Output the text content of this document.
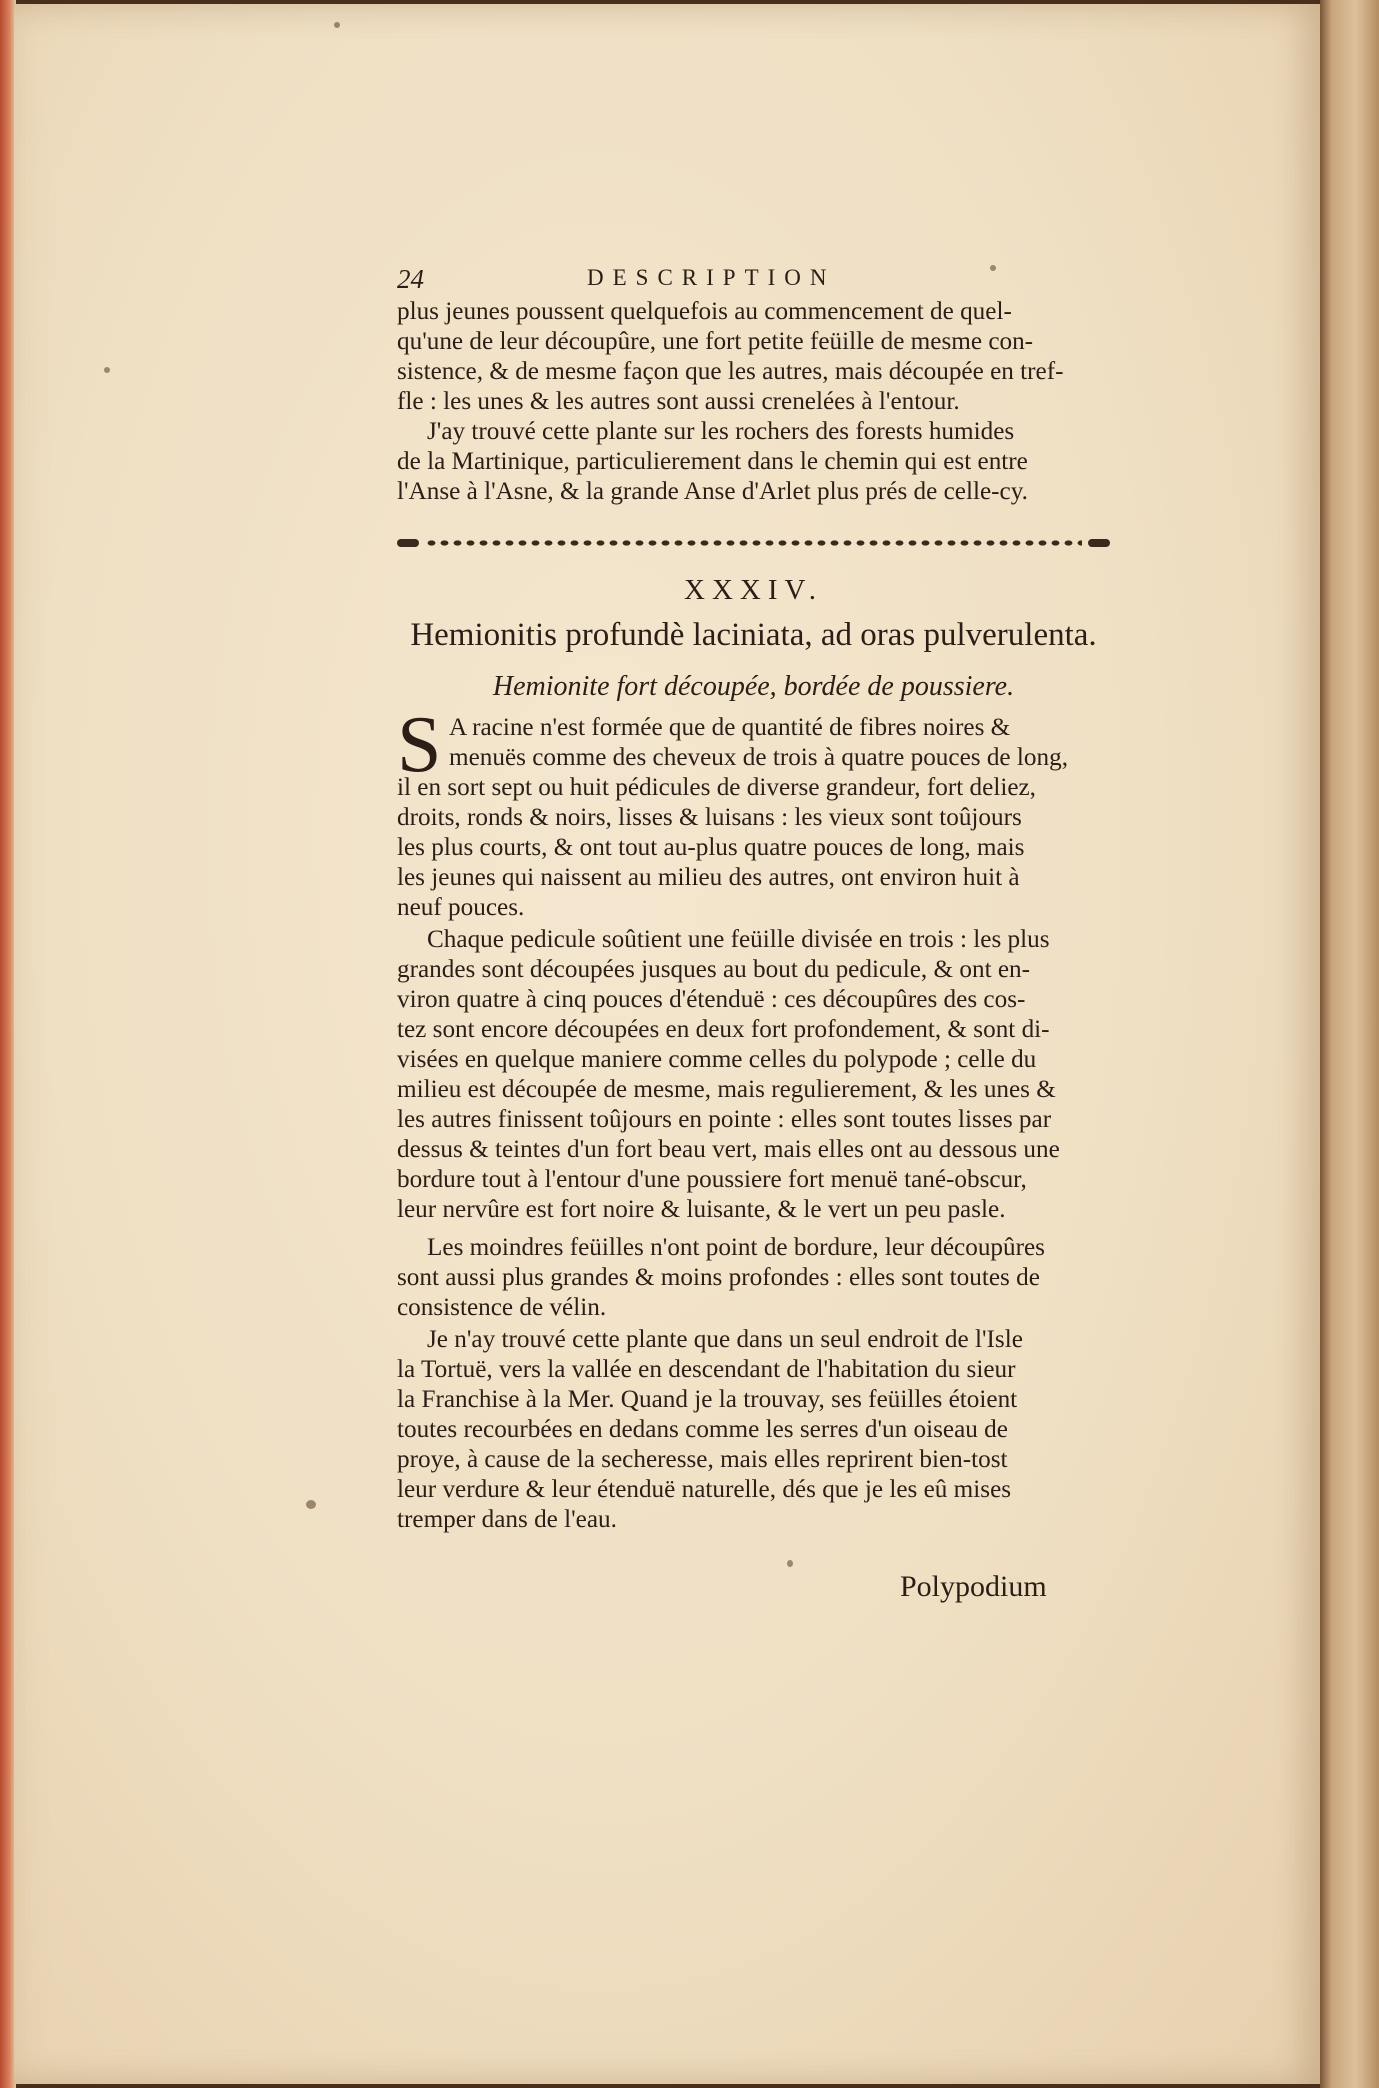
24	DESCRIPTION
plus jeunes poussent quelquefois au commencement de quel-
qu'une de leur découpûre, une fort petite feüille de mesme con-
sistence, & de mesme façon que les autres, mais découpée en tref-
fle : les unes & les autres sont aussi crenelées à l'entour.
J'ay trouvé cette plante sur les rochers des forests humides
de la Martinique, particulierement dans le chemin qui est entre
l'Anse à l'Asne, & la grande Anse d'Arlet plus prés de celle-cy.
XXXIV.
Hemionitis profundè laciniata, ad oras pulverulenta.
Hemionite fort découpée, bordée de poussiere.
S A racine n'est formée que de quantité de fibres noires &
menuës comme des cheveux de trois à quatre pouces de long,
il en sort sept ou huit pédicules de diverse grandeur, fort deliez,
droits, ronds & noirs, lisses & luisans : les vieux sont toûjours
les plus courts, & ont tout au-plus quatre pouces de long, mais
les jeunes qui naissent au milieu des autres, ont environ huit à
neuf pouces.
Chaque pedicule soûtient une feüille divisée en trois : les plus
grandes sont découpées jusques au bout du pedicule, & ont en-
viron quatre à cinq pouces d'étenduë : ces découpûres des cos-
tez sont encore découpées en deux fort profondement, & sont di-
visées en quelque maniere comme celles du polypode ; celle du
milieu est découpée de mesme, mais regulierement, & les unes &
les autres finissent toûjours en pointe : elles sont toutes lisses par
dessus & teintes d'un fort beau vert, mais elles ont au dessous une
bordure tout à l'entour d'une poussiere fort menuë tané-obscur,
leur nervûre est fort noire & luisante, & le vert un peu pasle.
Les moindres feüilles n'ont point de bordure, leur découpûres
sont aussi plus grandes & moins profondes : elles sont toutes de
consistence de vélin.
Je n'ay trouvé cette plante que dans un seul endroit de l'Isle
la Tortuë, vers la vallée en descendant de l'habitation du sieur
la Franchise à la Mer. Quand je la trouvay, ses feüilles étoient
toutes recourbées en dedans comme les serres d'un oiseau de
proye, à cause de la secheresse, mais elles reprirent bien-tost
leur verdure & leur étenduë naturelle, dés que je les eû mises
tremper dans de l'eau.
Polypodium
